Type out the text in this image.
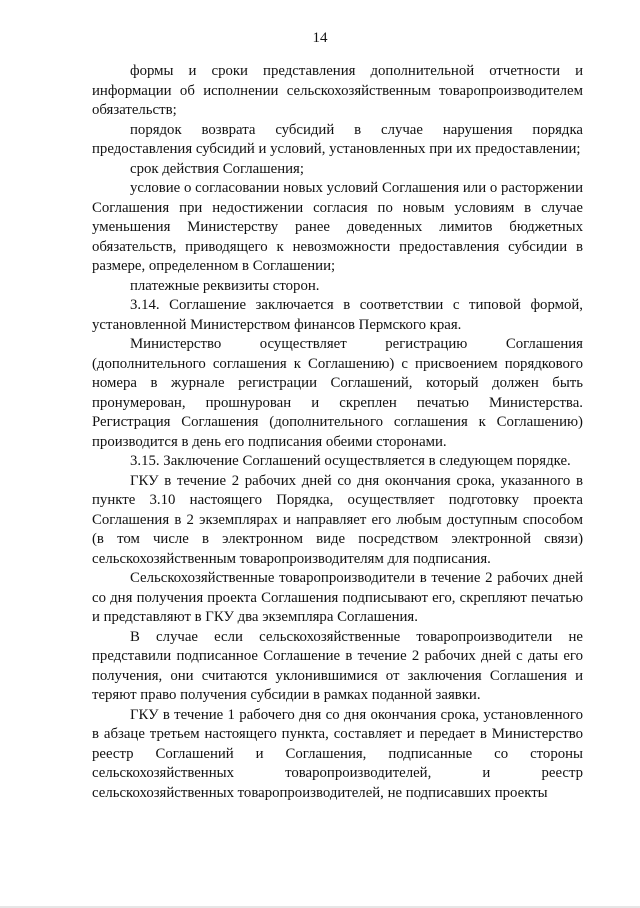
14

формы и сроки представления дополнительной отчетности и информации об исполнении сельскохозяйственным товаропроизводителем обязательств;

порядок возврата субсидий в случае нарушения порядка предоставления субсидий и условий, установленных при их предоставлении;

срок действия Соглашения;

условие о согласовании новых условий Соглашения или о расторжении Соглашения при недостижении согласия по новым условиям в случае уменьшения Министерству ранее доведенных лимитов бюджетных обязательств, приводящего к невозможности предоставления субсидии в размере, определенном в Соглашении;

платежные реквизиты сторон.

3.14. Соглашение заключается в соответствии с типовой формой, установленной Министерством финансов Пермского края.

Министерство осуществляет регистрацию Соглашения (дополнительного соглашения к Соглашению) с присвоением порядкового номера в журнале регистрации Соглашений, который должен быть пронумерован, прошнурован и скреплен печатью Министерства. Регистрация Соглашения (дополнительного соглашения к Соглашению) производится в день его подписания обеими сторонами.

3.15. Заключение Соглашений осуществляется в следующем порядке.

ГКУ в течение 2 рабочих дней со дня окончания срока, указанного в пункте 3.10 настоящего Порядка, осуществляет подготовку проекта Соглашения в 2 экземплярах и направляет его любым доступным способом (в том числе в электронном виде посредством электронной связи) сельскохозяйственным товаропроизводителям для подписания.

Сельскохозяйственные товаропроизводители в течение 2 рабочих дней со дня получения проекта Соглашения подписывают его, скрепляют печатью и представляют в ГКУ два экземпляра Соглашения.

В случае если сельскохозяйственные товаропроизводители не представили подписанное Соглашение в течение 2 рабочих дней с даты его получения, они считаются уклонившимися от заключения Соглашения и теряют право получения субсидии в рамках поданной заявки.

ГКУ в течение 1 рабочего дня со дня окончания срока, установленного в абзаце третьем настоящего пункта, составляет и передает в Министерство реестр Соглашений и Соглашения, подписанные со стороны сельскохозяйственных товаропроизводителей, и реестр сельскохозяйственных товаропроизводителей, не подписавших проекты
